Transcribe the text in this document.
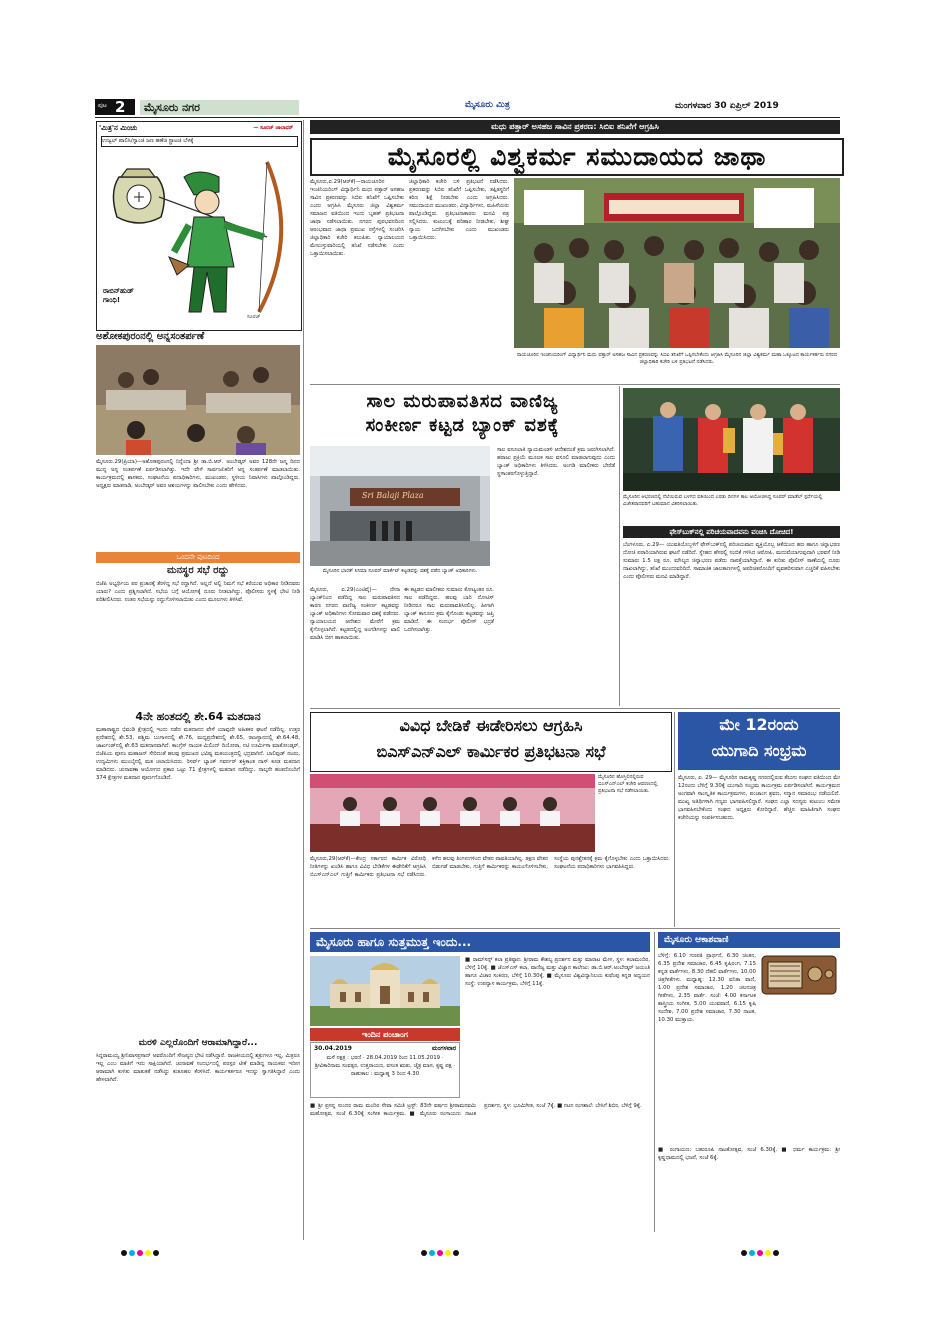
ಪುಟ 2	ಮೈಸೂರು ನಗರ	ಮೈಸೂರು ಮಿತ್ರ	ಮಂಗಳವಾರ 30 ಏಪ್ರಿಲ್ 2019
'ಮಿತ್ರ'ನ ಮಿಂಚು	— ಸೂರಜ್ ಜಾಲಾಧರ್
ಉಜ್ವಲ್ ಪಾಲಿಸಿ/ಗ್ಯಾಂಜಿ ಜಣ ಹಣೆಜಿ ಸ್ಟ್ರಾಟಜಿ ಬೆಳಕ್ಕೆ
ರಾಬಿನ್‌ಹುಡ್ ಗಾಂಧಿ!
ಸೂರಜ್
ಅಶೋಕಪುರಂನಲ್ಲಿ ಅನ್ನಸಂತರ್ಪಣೆ
ಮೈಸೂರು.29(ಪ್ರಿಯಾ)—ಅಶೋಕಪುರಂನಲ್ಲಿ ನಿನ್ನೆಂದಾ ಶ್ರೀ ಡಾ.ಬಿ.ಆರ್. ಅಂಬೇಡ್ಕರ್ ಅವರ 128ನೇ ಜನ್ಮ ದಿನದ ಮುನ್ನ ಅನ್ನ ಸಂತರ್ಪಣೆ ಏರ್ಪಡಿಸಲಾಗಿತ್ತು. ಇದೇ ವೇಳೆ ಸಾರ್ವಜನಿಕರಿಗೆ ಅನ್ನ ಸಂತರ್ಪಣೆ ಮಾಡಲಾಯಿತು. ಕಾರ್ಯಕ್ರಮದಲ್ಲಿ ಶಾಸಕರು, ಸಂಘಟನೆಯ ಪದಾಧಿಕಾರಿಗಳು, ಮುಖಂಡರು, ಸ್ಥಳೀಯ ನಿವಾಸಿಗಳು ಪಾಲ್ಗೊಂಡಿದ್ದರು. ಅಧ್ಯಕ್ಷರು ಮಾತನಾಡಿ, ಅಂಬೇಡ್ಕರ್ ಅವರ ಆಶಯಗಳನ್ನು ಪಾಲಿಸಬೇಕು ಎಂದು ಹೇಳಿದರು.
ಒಂದನೇ ಪುಟದಿಂದ
ಮನಸ್ಥರ ಸಭೆ ರದ್ದು
ಬಿಜೆಪಿ ಅಭ್ಯರ್ಥಿಯ ಪರ ಪ್ರಚಾರಕ್ಕೆ ತೆರಳಿದ್ದ ಸಭೆ ರದ್ದಾಗಿದೆ. ಅಲ್ಲದೆ ಅಲ್ಲಿ ನಿಮಗೆ ಸಭೆ ಕರೆಯುವ ಅಧಿಕಾರ ನೀಡಿದವರು ಯಾರು? ಎಂದು ಪ್ರಶ್ನಿಸಲಾಗಿದೆ. ಸಭೆಯ ಬಗ್ಗೆ ಆಯೋಗಕ್ಕೆ ದೂರು ನೀಡಲಾಗಿದ್ದು, ಪೊಲೀಸರು ಸ್ಥಳಕ್ಕೆ ಭೇಟಿ ನೀಡಿ ಪರಿಶೀಲಿಸಿದರು. ನಂತರ ಸಭೆಯನ್ನು ರದ್ದುಗೊಳಿಸಲಾಯಿತು ಎಂದು ಮೂಲಗಳು ತಿಳಿಸಿವೆ.
4ನೇ ಹಂತದಲ್ಲಿ ಶೇ.64 ಮತದಾನ
ಮಹಾರಾಷ್ಟ್ರದ ಭಿವಂಡಿ ಕ್ಷೇತ್ರದಲ್ಲಿ ಇಂದು ನಡೆದ ಮತದಾನದ ವೇಳೆ ಯಾವುದೇ ಅಹಿತಕರ ಘಟನೆ ನಡೆದಿಲ್ಲ. ಉತ್ತರ ಪ್ರದೇಶದಲ್ಲಿ ಶೇ.53, ಪಶ್ಚಿಮ ಬಂಗಾಳದಲ್ಲಿ ಶೇ.76, ಮಧ್ಯಪ್ರದೇಶದಲ್ಲಿ ಶೇ.65, ರಾಜಸ್ಥಾನದಲ್ಲಿ ಶೇ.64.48, ಜಾರ್ಖಂಡ್‌ನಲ್ಲಿ ಶೇ.63 ಮತದಾನವಾಗಿದೆ. ಕಾಂಗ್ರೆಸ್ ನಾಯಕ ಮಿಲಿಂದ್ ದಿಯೋರಾ, ನಟಿ ಊರ್ಮಿಳಾ ಮಾತೋಂಡ್ಕರ್, ಬಿಜೆಪಿಯ ಪೂನಂ ಮಹಾಜನ್ ಸೇರಿದಂತೆ ಹಲವು ಪ್ರಮುಖರ ಭವಿಷ್ಯ ಮತಯಂತ್ರದಲ್ಲಿ ಭದ್ರವಾಗಿದೆ. ಬಾಲಿವುಡ್ ನಟರು, ಉದ್ಯಮಿಗಳು ಮುಂಬೈನಲ್ಲಿ ಮತ ಚಲಾಯಿಸಿದರು. ರಿಸರ್ವ್ ಬ್ಯಾಂಕ್ ಗವರ್ನರ್ ಶಕ್ತಿಕಾಂತ ದಾಸ್ ಕೂಡ ಮತದಾನ ಮಾಡಿದರು. ಚುನಾವಣಾ ಆಯೋಗದ ಪ್ರಕಾರ ಒಟ್ಟು 71 ಕ್ಷೇತ್ರಗಳಲ್ಲಿ ಮತದಾನ ನಡೆದಿದ್ದು, ನಾಲ್ಕನೇ ಹಂತದೊಂದಿಗೆ 374 ಕ್ಷೇತ್ರಗಳ ಮತದಾನ ಪೂರ್ಣಗೊಂಡಿದೆ.
ಮರಳಿ ಎಲ್ಲರೊಂದಿಗೆ ಆರಾಮಾಗಿದ್ದಾರೆ...
ಸಿದ್ದರಾಮಯ್ಯ ಶ್ರೀನಿವಾಸಪ್ರಸಾದ್ ಅವರೊಂದಿಗೆ ಸೌಜನ್ಯದ ಭೇಟಿ ನಡೆಸಿದ್ದಾರೆ. ರಾಜಕೀಯದಲ್ಲಿ ಶತ್ರುಗಳೂ ಇಲ್ಲ, ಮಿತ್ರರೂ ಇಲ್ಲ ಎಂಬ ಮಾತಿಗೆ ಇದು ಸಾಕ್ಷಿಯಾಗಿದೆ. ಚುನಾವಣೆ ಸಂದರ್ಭದಲ್ಲಿ ಪರಸ್ಪರ ಟೀಕೆ ಮಾಡಿದ್ದ ನಾಯಕರು ಇದೀಗ ಆರಾಮಾಗಿ ಕುಳಿತು ಮಾತುಕತೆ ನಡೆಸಿದ್ದು ಕುತೂಹಲ ಕೆರಳಿಸಿದೆ. ಕಾರ್ಯಕರ್ತರೂ ಇದನ್ನು ಸ್ವಾಗತಿಸಿದ್ದಾರೆ ಎಂದು ಹೇಳಲಾಗಿದೆ.
ಮಧು ಪತ್ತಾರ್ ಅಸಹಜ ಸಾವಿನ ಪ್ರಕರಣ: ಸಿಬಿಐ ತನಿಖೆಗೆ ಆಗ್ರಹಿಸಿ
ಮೈಸೂರಲ್ಲಿ ವಿಶ್ವಕರ್ಮ ಸಮುದಾಯದ ಜಾಥಾ
ಮೈಸೂರು,ಏ.29(ಆರ್‌ಕೆ)—ರಾಯಚೂರಿನ ಇಂಜಿನಿಯರಿಂಗ್ ವಿದ್ಯಾರ್ಥಿನಿ ಮಧು ಪತ್ತಾರ್ ಅಸಹಜ ಸಾವಿನ ಪ್ರಕರಣವನ್ನು ಸಿಬಿಐ ತನಿಖೆಗೆ ಒಪ್ಪಿಸಬೇಕು ಎಂದು ಆಗ್ರಹಿಸಿ ಮೈಸೂರು ಜಿಲ್ಲಾ ವಿಶ್ವಕರ್ಮ ಸಮಾಜದ ವತಿಯಿಂದ ಇಂದು ಬೃಹತ್ ಪ್ರತಿಭಟನಾ ಜಾಥಾ ನಡೆಸಲಾಯಿತು. ನಗರದ ಪುರಭವನದಿಂದ ಆರಂಭವಾದ ಜಾಥಾ ಪ್ರಮುಖ ರಸ್ತೆಗಳಲ್ಲಿ ಸಂಚರಿಸಿ ಜಿಲ್ಲಾಧಿಕಾರಿ ಕಚೇರಿ ತಲುಪಿತು. ನ್ಯಾಯಾಲಯದ ಮೇಲುಸ್ತುವಾರಿಯಲ್ಲಿ ತನಿಖೆ ನಡೆಸಬೇಕು ಎಂದು ಒತ್ತಾಯಿಸಲಾಯಿತು.
ಜಿಲ್ಲಾಧಿಕಾರಿ ಕಚೇರಿ ಬಳಿ ಪ್ರತಿಭಟನೆ ನಡೆಸಿದರು. ಪ್ರಕರಣವನ್ನು ಸಿಬಿಐ ತನಿಖೆಗೆ ಒಪ್ಪಿಸಬೇಕು, ತಪ್ಪಿತಸ್ಥರಿಗೆ ಕಠಿಣ ಶಿಕ್ಷೆ ನೀಡಬೇಕು ಎಂದು ಆಗ್ರಹಿಸಿದರು. ಸಮುದಾಯದ ಮುಖಂಡರು, ವಿದ್ಯಾರ್ಥಿಗಳು, ಮಹಿಳೆಯರು ಪಾಲ್ಗೊಂಡಿದ್ದರು. ಪ್ರತಿಭಟನಾಕಾರರು ಮನವಿ ಪತ್ರ ಸಲ್ಲಿಸಿದರು. ಕುಟುಂಬಕ್ಕೆ ಪರಿಹಾರ ನೀಡಬೇಕು, ಶೀಘ್ರ ನ್ಯಾಯ ಒದಗಿಸಬೇಕು ಎಂದು ಮುಖಂಡರು ಒತ್ತಾಯಿಸಿದರು.
ರಾಯಚೂರಿನ ಇಂಜಿನಿಯರಿಂಗ್ ವಿದ್ಯಾರ್ಥಿನಿ ಮಧು ಪತ್ತಾರ್ ಅಸಹಜ ಸಾವಿನ ಪ್ರಕರಣವನ್ನು ಸಿಬಿಐ ತನಿಖೆಗೆ ಒಪ್ಪಿಸಬೇಕೆಂದು ಆಗ್ರಹಿಸಿ ಮೈಸೂರಿನ ಜಿಲ್ಲಾ ವಿಶ್ವಕರ್ಮ ಮಹಾ ಒಕ್ಕೂಟದ ಕಾರ್ಯಕರ್ತರು ನಗರದ ಜಿಲ್ಲಾಧಿಕಾರಿ ಕಚೇರಿ ಬಳಿ ಪ್ರತಿಭಟನೆ ನಡೆಸಿದರು.
ಸಾಲ ಮರುಪಾವತಿಸದ ವಾಣಿಜ್ಯ
ಸಂಕೀರ್ಣ ಕಟ್ಟಡ ಬ್ಯಾಂಕ್ ವಶಕ್ಕೆ
Sri Balaji Plaza
ಮೈಸೂರಿನ ಭಾರತ್ ಸಿನಿಮಾ ಸೂಪರ್ ಮಾರ್ಕೆಟ್ ಕಟ್ಟಡವನ್ನು ವಶಕ್ಕೆ ಪಡೆದ ಬ್ಯಾಂಕ್ ಅಧಿಕಾರಿಗಳು.
ಮೈಸೂರು, ಏ.29(ಎಂಟಿವೈ)— ದೇನಾ ಬ್ಯಾಂಕ್‌ನಿಂದ ಪಡೆದಿದ್ದ ಸಾಲ ಮರುಪಾವತಿಸದ ಕಾರಣ ನಗರದ ವಾಣಿಜ್ಯ ಸಂಕೀರ್ಣ ಕಟ್ಟಡವನ್ನು ಬ್ಯಾಂಕ್ ಅಧಿಕಾರಿಗಳು ಸೋಮವಾರ ವಶಕ್ಕೆ ಪಡೆದರು. ನ್ಯಾಯಾಲಯದ ಆದೇಶದ ಮೇರೆಗೆ ಕ್ರಮ ಕೈಗೊಳ್ಳಲಾಗಿದೆ. ಕಟ್ಟಡದಲ್ಲಿದ್ದ ಅಂಗಡಿಗಳನ್ನು ಖಾಲಿ ಮಾಡಿಸಿ ಬೀಗ ಹಾಕಲಾಯಿತು.
ಈ ಕಟ್ಟಡದ ಮಾಲೀಕರು ಸುಮಾರು ಕೋಟ್ಯಂತರ ರೂ. ಸಾಲ ಪಡೆದಿದ್ದರು. ಹಲವು ಬಾರಿ ನೋಟಿಸ್ ನೀಡಿದರೂ ಸಾಲ ಮರುಪಾವತಿಸಿರಲಿಲ್ಲ. ಹೀಗಾಗಿ ಬ್ಯಾಂಕ್ ಕಾನೂನು ಕ್ರಮ ಕೈಗೊಂಡು ಕಟ್ಟಡವನ್ನು ಜಪ್ತಿ ಮಾಡಿದೆ. ಈ ಸಂದರ್ಭ ಪೊಲೀಸ್ ಭದ್ರತೆ ಒದಗಿಸಲಾಗಿತ್ತು.
ಸಾಲ ವಸೂಲಾತಿ ನ್ಯಾಯಮಂಡಳಿ ಆದೇಶದಂತೆ ಕ್ರಮ ಜರುಗಿಸಲಾಗಿದೆ. ಹರಾಜು ಪ್ರಕ್ರಿಯೆ ಮೂಲಕ ಸಾಲ ವಸೂಲಿ ಮಾಡಲಾಗುವುದು ಎಂದು ಬ್ಯಾಂಕ್ ಅಧಿಕಾರಿಗಳು ತಿಳಿಸಿದರು. ಅಂಗಡಿ ಮಾಲೀಕರು ಬೇರೆಡೆ ಸ್ಥಳಾಂತರಗೊಳ್ಳುತ್ತಿದ್ದಾರೆ.
ಮೈಸೂರಿನ ಆಭರಣದಲ್ಲಿ ನೆಲೆಯಿರುವ ಬಳಗದ ವತಿಯಿಂದ ಎರಡು ದಿನಗಳ ಕಾಲ ಆಯೋಜಿಸಿದ್ದ ಸೂಪರ್ ಮಾಡೆಲ್ ಸ್ಪರ್ಧೆಯಲ್ಲಿ ವಿಜೇತರಾದವರಿಗೆ ಬಹುಮಾನ ವಿತರಿಸಲಾಯಿತು.
ಫೇಸ್‌ಬುಕ್‌ನಲ್ಲಿ ಪರಿಚಯವಾದವನು ವಂಚಿಸಿ ದೋಚಿದ!
ಬೆಂಗಳೂರು, ಏ.29— ಯುವತಿಯೊಬ್ಬಳಿಗೆ ಫೇಸ್‌ಬುಕ್‌ನಲ್ಲಿ ಪರಿಚಯವಾದ ವ್ಯಕ್ತಿಯೊಬ್ಬ ಆಕೆಯಿಂದ ಹಣ ಹಾಗೂ ಚಿನ್ನಾಭರಣ ದೋಚಿ ಪರಾರಿಯಾಗಿರುವ ಘಟನೆ ನಡೆದಿದೆ. ಸ್ನೇಹದ ಹೆಸರಲ್ಲಿ ನಂಬಿಕೆ ಗಳಿಸಿದ ಆರೋಪಿ, ಮದುವೆಯಾಗುವುದಾಗಿ ಭರವಸೆ ನೀಡಿ ಸುಮಾರು 1.5 ಲಕ್ಷ ರೂ. ಮೌಲ್ಯದ ಚಿನ್ನಾಭರಣ ಪಡೆದು ನಾಪತ್ತೆಯಾಗಿದ್ದಾನೆ. ಈ ಕುರಿತು ಪೊಲೀಸ್ ಠಾಣೆಯಲ್ಲಿ ದೂರು ದಾಖಲಾಗಿದ್ದು, ತನಿಖೆ ಮುಂದುವರಿದಿದೆ. ಸಾಮಾಜಿಕ ಜಾಲತಾಣಗಳಲ್ಲಿ ಅಪರಿಚಿತರೊಂದಿಗೆ ವ್ಯವಹರಿಸುವಾಗ ಎಚ್ಚರಿಕೆ ವಹಿಸಬೇಕು ಎಂದು ಪೊಲೀಸರು ಮನವಿ ಮಾಡಿದ್ದಾರೆ.
ವಿವಿಧ ಬೇಡಿಕೆ ಈಡೇರಿಸಲು ಆಗ್ರಹಿಸಿ
ಬಿಎಸ್‌ಎನ್‌ಎಲ್ ಕಾರ್ಮಿಕರ ಪ್ರತಿಭಟನಾ ಸಭೆ
ಮೈಸೂರಿನ ಹೊಸ್ತಿಲಿನಲ್ಲಿರುವ ಬಿಎಸ್‌ಎನ್‌ಎಲ್ ಕಚೇರಿ ಆವರಣದಲ್ಲಿ ಪ್ರತಿಭಟನಾ ಸಭೆ ನಡೆಸಲಾಯಿತು.
ಮೈಸೂರು,29(ಆರ್‌ಕೆ)—ಕೇಂದ್ರ ಸರ್ಕಾರದ ಕಾರ್ಮಿಕ ವಿರೋಧಿ ನೀತಿಗಳನ್ನು ಖಂಡಿಸಿ ಹಾಗೂ ವಿವಿಧ ಬೇಡಿಕೆಗಳ ಈಡೇರಿಕೆಗೆ ಆಗ್ರಹಿಸಿ ಬಿಎಸ್‌ಎನ್‌ಎಲ್ ಗುತ್ತಿಗೆ ಕಾರ್ಮಿಕರು ಪ್ರತಿಭಟನಾ ಸಭೆ ನಡೆಸಿದರು. ಕಳೆದ ಹಲವು ತಿಂಗಳುಗಳಿಂದ ವೇತನ ಪಾವತಿಯಾಗಿಲ್ಲ. ತಕ್ಷಣ ವೇತನ ಬಿಡುಗಡೆ ಮಾಡಬೇಕು, ಗುತ್ತಿಗೆ ಕಾರ್ಮಿಕರನ್ನು ಕಾಯಂಗೊಳಿಸಬೇಕು, ಸಂಸ್ಥೆಯ ಪುನಶ್ಚೇತನಕ್ಕೆ ಕ್ರಮ ಕೈಗೊಳ್ಳಬೇಕು ಎಂದು ಒತ್ತಾಯಿಸಿದರು. ಸಂಘಟನೆಯ ಪದಾಧಿಕಾರಿಗಳು ಭಾಗವಹಿಸಿದ್ದರು.
ಮೇ 12ರಂದು
ಯುಗಾದಿ ಸಂಭ್ರಮ
ಮೈಸೂರು, ಏ. 29— ಮೈಸೂರಿನ ರಾಮಕೃಷ್ಣ ನಗರದಲ್ಲಿರುವ ತೆಲುಗು ಸಂಘದ ವತಿಯಿಂದ ಮೇ 12ರಂದು ಬೆಳಿಗ್ಗೆ 9.30ಕ್ಕೆ ಯುಗಾದಿ ಸಂಭ್ರಮ ಕಾರ್ಯಕ್ರಮ ಏರ್ಪಡಿಸಲಾಗಿದೆ. ಕಾರ್ಯಕ್ರಮದ ಅಂಗವಾಗಿ ಸಾಂಸ್ಕೃತಿಕ ಕಾರ್ಯಕ್ರಮಗಳು, ಪಂಚಾಂಗ ಶ್ರವಣ, ಸನ್ಮಾನ ಸಮಾರಂಭ ನಡೆಯಲಿದೆ. ಮುಖ್ಯ ಅತಿಥಿಗಳಾಗಿ ಗಣ್ಯರು ಭಾಗವಹಿಸಲಿದ್ದಾರೆ. ಸಂಘದ ಎಲ್ಲಾ ಸದಸ್ಯರು ಕುಟುಂಬ ಸಮೇತ ಭಾಗವಹಿಸಬೇಕೆಂದು ಸಂಘದ ಅಧ್ಯಕ್ಷರು ಕೋರಿದ್ದಾರೆ. ಹೆಚ್ಚಿನ ಮಾಹಿತಿಗಾಗಿ ಸಂಘದ ಕಚೇರಿಯನ್ನು ಸಂಪರ್ಕಿಸಬಹುದು.
ಮೈಸೂರು ಹಾಗೂ ಸುತ್ತಮುತ್ತ ಇಂದು...
ಇಂದಿನ ಪಂಚಾಂಗ
30.04.2019	ಮಂಗಳವಾರ
ಮಳೆ ನಕ್ಷತ್ರ : ಭರಣಿ · 28.04.2019 ರಿಂದ 11.05.2019 · ಶ್ರೀವಿಕಾರಿನಾಮ ಸಂವತ್ಸರ, ಉತ್ತರಾಯಣ, ವಸಂತ ಋತು, ಚೈತ್ರ ಮಾಸ, ಕೃಷ್ಣ ಪಕ್ಷ · ರಾಹುಕಾಲ : ಮಧ್ಯಾಹ್ನ 3 ರಿಂದ 4.30
■ ರಾಮ್‌ಸನ್ಸ್ ಕಲಾ ಪ್ರತಿಷ್ಠಾನ: ಶ್ರೀರಾಮ ಕೌಶಲ್ಯ ಪ್ರದರ್ಶನ ಮತ್ತು ಮಾರಾಟ ಮೇಳ, ಸ್ಥಳ: ಕಲಾಮಂದಿರ, ಬೆಳಿಗ್ಗೆ 10ಕ್ಕೆ. ■ ಜೆಎಸ್‌ಎಸ್ ಕಲಾ, ವಾಣಿಜ್ಯ ಮತ್ತು ವಿಜ್ಞಾನ ಕಾಲೇಜು: ಡಾ.ಬಿ.ಆರ್.ಅಂಬೇಡ್ಕರ್ ಜಯಂತಿ ಹಾಗೂ ವಿಚಾರ ಸಂಕಿರಣ, ಬೆಳಿಗ್ಗೆ 10.30ಕ್ಕೆ. ■ ಮೈಸೂರು ವಿಶ್ವವಿದ್ಯಾನಿಲಯ ಕುವೆಂಪು ಕನ್ನಡ ಅಧ್ಯಯನ ಸಂಸ್ಥೆ: ಉಪನ್ಯಾಸ ಕಾರ್ಯಕ್ರಮ, ಬೆಳಿಗ್ಗೆ 11ಕ್ಕೆ.
■ ಶ್ರೀ ಪ್ರಸನ್ನ ಸುಂದರ ರಾಮ ಮಂದಿರ ಸೇವಾ ಸಮಿತಿ ಟ್ರಸ್ಟ್: 83ನೇ ವರ್ಷದ ಶ್ರೀರಾಮನವಮಿ ಮಹೋತ್ಸವ, ಸಂಜೆ 6.30ಕ್ಕೆ ಸಂಗೀತ ಕಾರ್ಯಕ್ರಮ. ■ ಮೈಸೂರು ರಂಗಾಯಣ: ನಾಟಕ ಪ್ರದರ್ಶನ, ಸ್ಥಳ: ಭೂಮಿಗೀತ, ಸಂಜೆ 7ಕ್ಕೆ. ■ ನಟನ ರಂಗಶಾಲೆ: ಬೇಸಿಗೆ ಶಿಬಿರ, ಬೆಳಿಗ್ಗೆ 9ಕ್ಕೆ.
ಮೈಸೂರು ಆಕಾಶವಾಣಿ
ಬೆಳಿಗ್ಗೆ: 6.10 ಗಣಪತಿ ಪ್ರಾರ್ಥನೆ, 6.30 ಚಿಂತನ, 6.35 ಪ್ರದೇಶ ಸಮಾಚಾರ, 6.45 ಕೃಷಿರಂಗ, 7.15 ಕನ್ನಡ ವಾರ್ತೆಗಳು, 8.30 ದೆಹಲಿ ವಾರ್ತೆಗಳು, 10.00 ಚಿತ್ರಗೀತೆಗಳು. ಮಧ್ಯಾಹ್ನ: 12.30 ವನಿತಾ ವಾಣಿ, 1.00 ಪ್ರದೇಶ ಸಮಾಚಾರ, 1.20 ಚಲನಚಿತ್ರ ಗೀತೆಗಳು, 2.35 ವಾರ್ತೆ. ಸಂಜೆ: 4.00 ಕರ್ನಾಟಕ ಶಾಸ್ತ್ರೀಯ ಸಂಗೀತ, 5.00 ಯುವವಾಣಿ, 6.15 ಕೃಷಿ ಸಂದೇಶ, 7.00 ಪ್ರದೇಶ ಸಮಾಚಾರ, 7.30 ನಾಟಕ, 10.30 ಮುಕ್ತಾಯ.
■ ರಂಗಾಯಣ: ಬಹುರೂಪಿ ನಾಟಕೋತ್ಸವ, ಸಂಜೆ 6.30ಕ್ಕೆ. ■ ಧರ್ಮ ಕಾರ್ಯಕ್ರಮ: ಶ್ರೀ ಕೃಷ್ಣಧಾಮದಲ್ಲಿ ಭಜನೆ, ಸಂಜೆ 6ಕ್ಕೆ.
